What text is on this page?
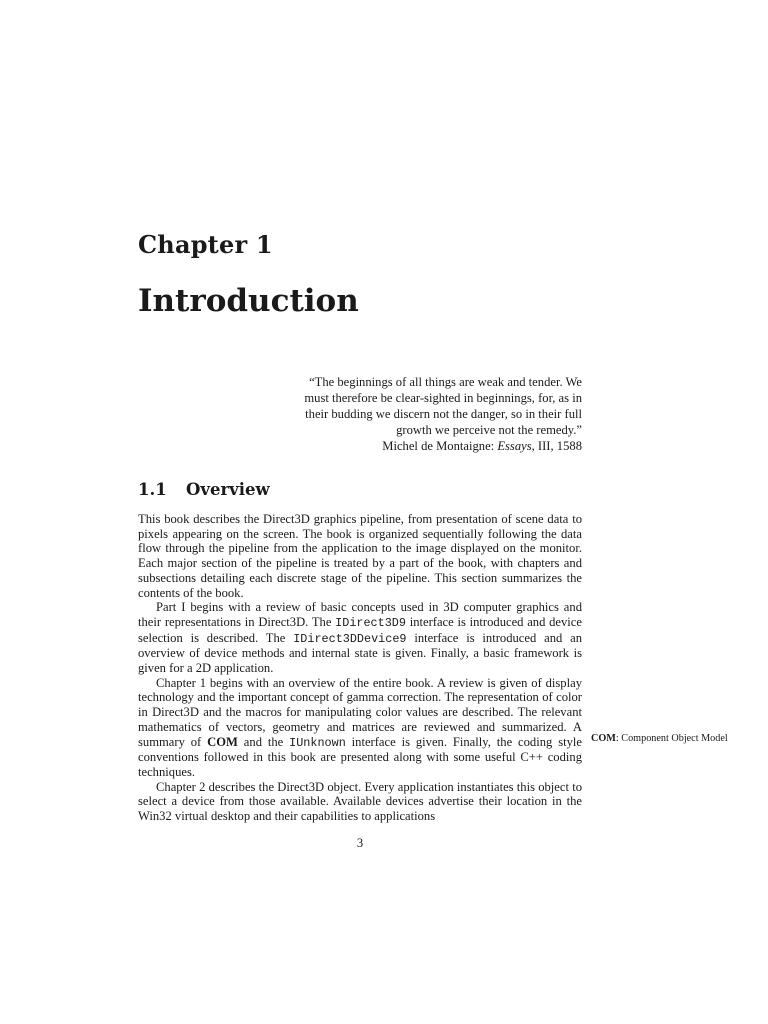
Chapter 1
Introduction
“The beginnings of all things are weak and tender. We
must therefore be clear-sighted in beginnings, for, as in
their budding we discern not the danger, so in their full
growth we perceive not the remedy.”
Michel de Montaigne: Essays, III, 1588
1.1 Overview

This book describes the Direct3D graphics pipeline, from presentation of scene data to pixels appearing on the screen. The book is organized sequentially following the data flow through the pipeline from the application to the image displayed on the monitor. Each major section of the pipeline is treated by a part of the book, with chapters and subsections detailing each discrete stage of the pipeline. This section summarizes the contents of the book.

Part I begins with a review of basic concepts used in 3D computer graphics and their representations in Direct3D. The IDirect3D9 interface is introduced and device selection is described. The IDirect3DDevice9 interface is introduced and an overview of device methods and internal state is given. Finally, a basic framework is given for a 2D application.

Chapter 1 begins with an overview of the entire book. A review is given of display technology and the important concept of gamma correction. The representation of color in Direct3D and the macros for manipulating color values are described. The relevant mathematics of vectors, geometry and matrices are reviewed and summarized. A summary of COM and the IUnknown interface is given. Finally, the coding style conventions followed in this book are presented along with some useful C++ coding techniques.

Chapter 2 describes the Direct3D object. Every application instantiates this object to select a device from those available. Available devices advertise their location in the Win32 virtual desktop and their capabilities to applications

COM: Component Object Model
3
